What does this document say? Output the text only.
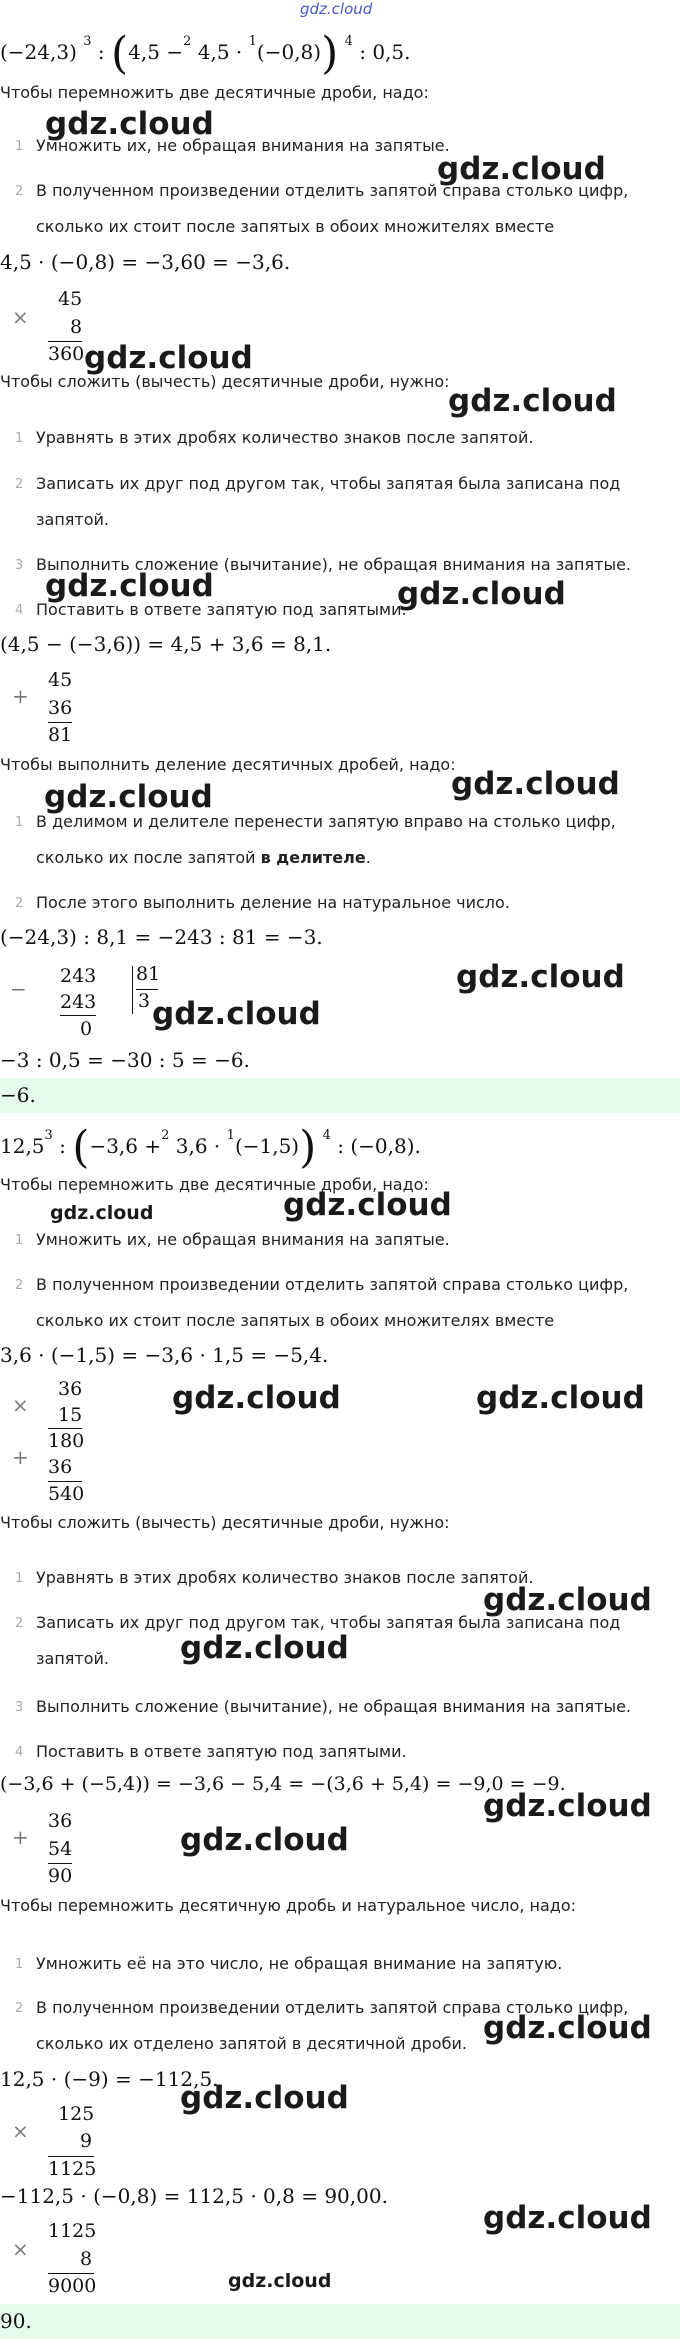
gdz.cloud
(−24,3) $^3$ : (4,5 −$^2$ 4,5 · $^1$(−0,8)) $^4$ : 0,5.
Чтобы перемножить две десятичные дроби, надо:
1 Умножить их, не обращая внимания на запятые.
2 В полученном произведении отделить запятой справа столько цифр,
сколько их стоит после запятых в обоих множителях вместе
4,5 · (−0,8) = −3,60 = −3,6.
×
45
8
360
Чтобы сложить (вычесть) десятичные дроби, нужно:
1 Уравнять в этих дробях количество знаков после запятой.
2 Записать их друг под другом так, чтобы запятая была записана под
запятой.
3 Выполнить сложение (вычитание), не обращая внимания на запятые.
4 Поставить в ответе запятую под запятыми.
(4,5 − (−3,6)) = 4,5 + 3,6 = 8,1.
+
45
36
81
Чтобы выполнить деление десятичных дробей, надо:
1 В делимом и делителе перенести запятую вправо на столько цифр,
сколько их после запятой в делителе.
2 После этого выполнить деление на натуральное число.
(−24,3) : 8,1 = −243 : 81 = −3.
−
243
243
0
81
3
−3 : 0,5 = −30 : 5 = −6.
−6.
12,5$^3$ : (−3,6 +$^2$ 3,6 · $^1$(−1,5)) $^4$ : (−0,8).
Чтобы перемножить две десятичные дроби, надо:
1 Умножить их, не обращая внимания на запятые.
2 В полученном произведении отделить запятой справа столько цифр,
сколько их стоит после запятых в обоих множителях вместе
3,6 · (−1,5) = −3,6 · 1,5 = −5,4.
×
36
15
180
+ 36
540
Чтобы сложить (вычесть) десятичные дроби, нужно:
1 Уравнять в этих дробях количество знаков после запятой.
2 Записать их друг под другом так, чтобы запятая была записана под
запятой.
3 Выполнить сложение (вычитание), не обращая внимания на запятые.
4 Поставить в ответе запятую под запятыми.
(−3,6 + (−5,4)) = −3,6 − 5,4 = −(3,6 + 5,4) = −9,0 = −9.
+
36
54
90
Чтобы перемножить десятичную дробь и натуральное число, надо:
1 Умножить её на это число, не обращая внимание на запятую.
2 В полученном произведении отделить запятой справа столько цифр,
сколько их отделено запятой в десятичной дроби.
12,5 · (−9) = −112,5.
×
125
9
1125
−112,5 · (−0,8) = 112,5 · 0,8 = 90,00.
×
1125
8
9000
90.
gdz.cloud
gdz.cloud
gdz.cloud
gdz.cloud
gdz.cloud	gdz.cloud
gdz.cloud	gdz.cloud
gdz.cloud
gdz.cloud
gdz.cloud	gdz.cloud
gdz.cloud	gdz.cloud
gdz.cloud
gdz.cloud
gdz.cloud
gdz.cloud
gdz.cloud
gdz.cloud
gdz.cloud
gdz.cloud
